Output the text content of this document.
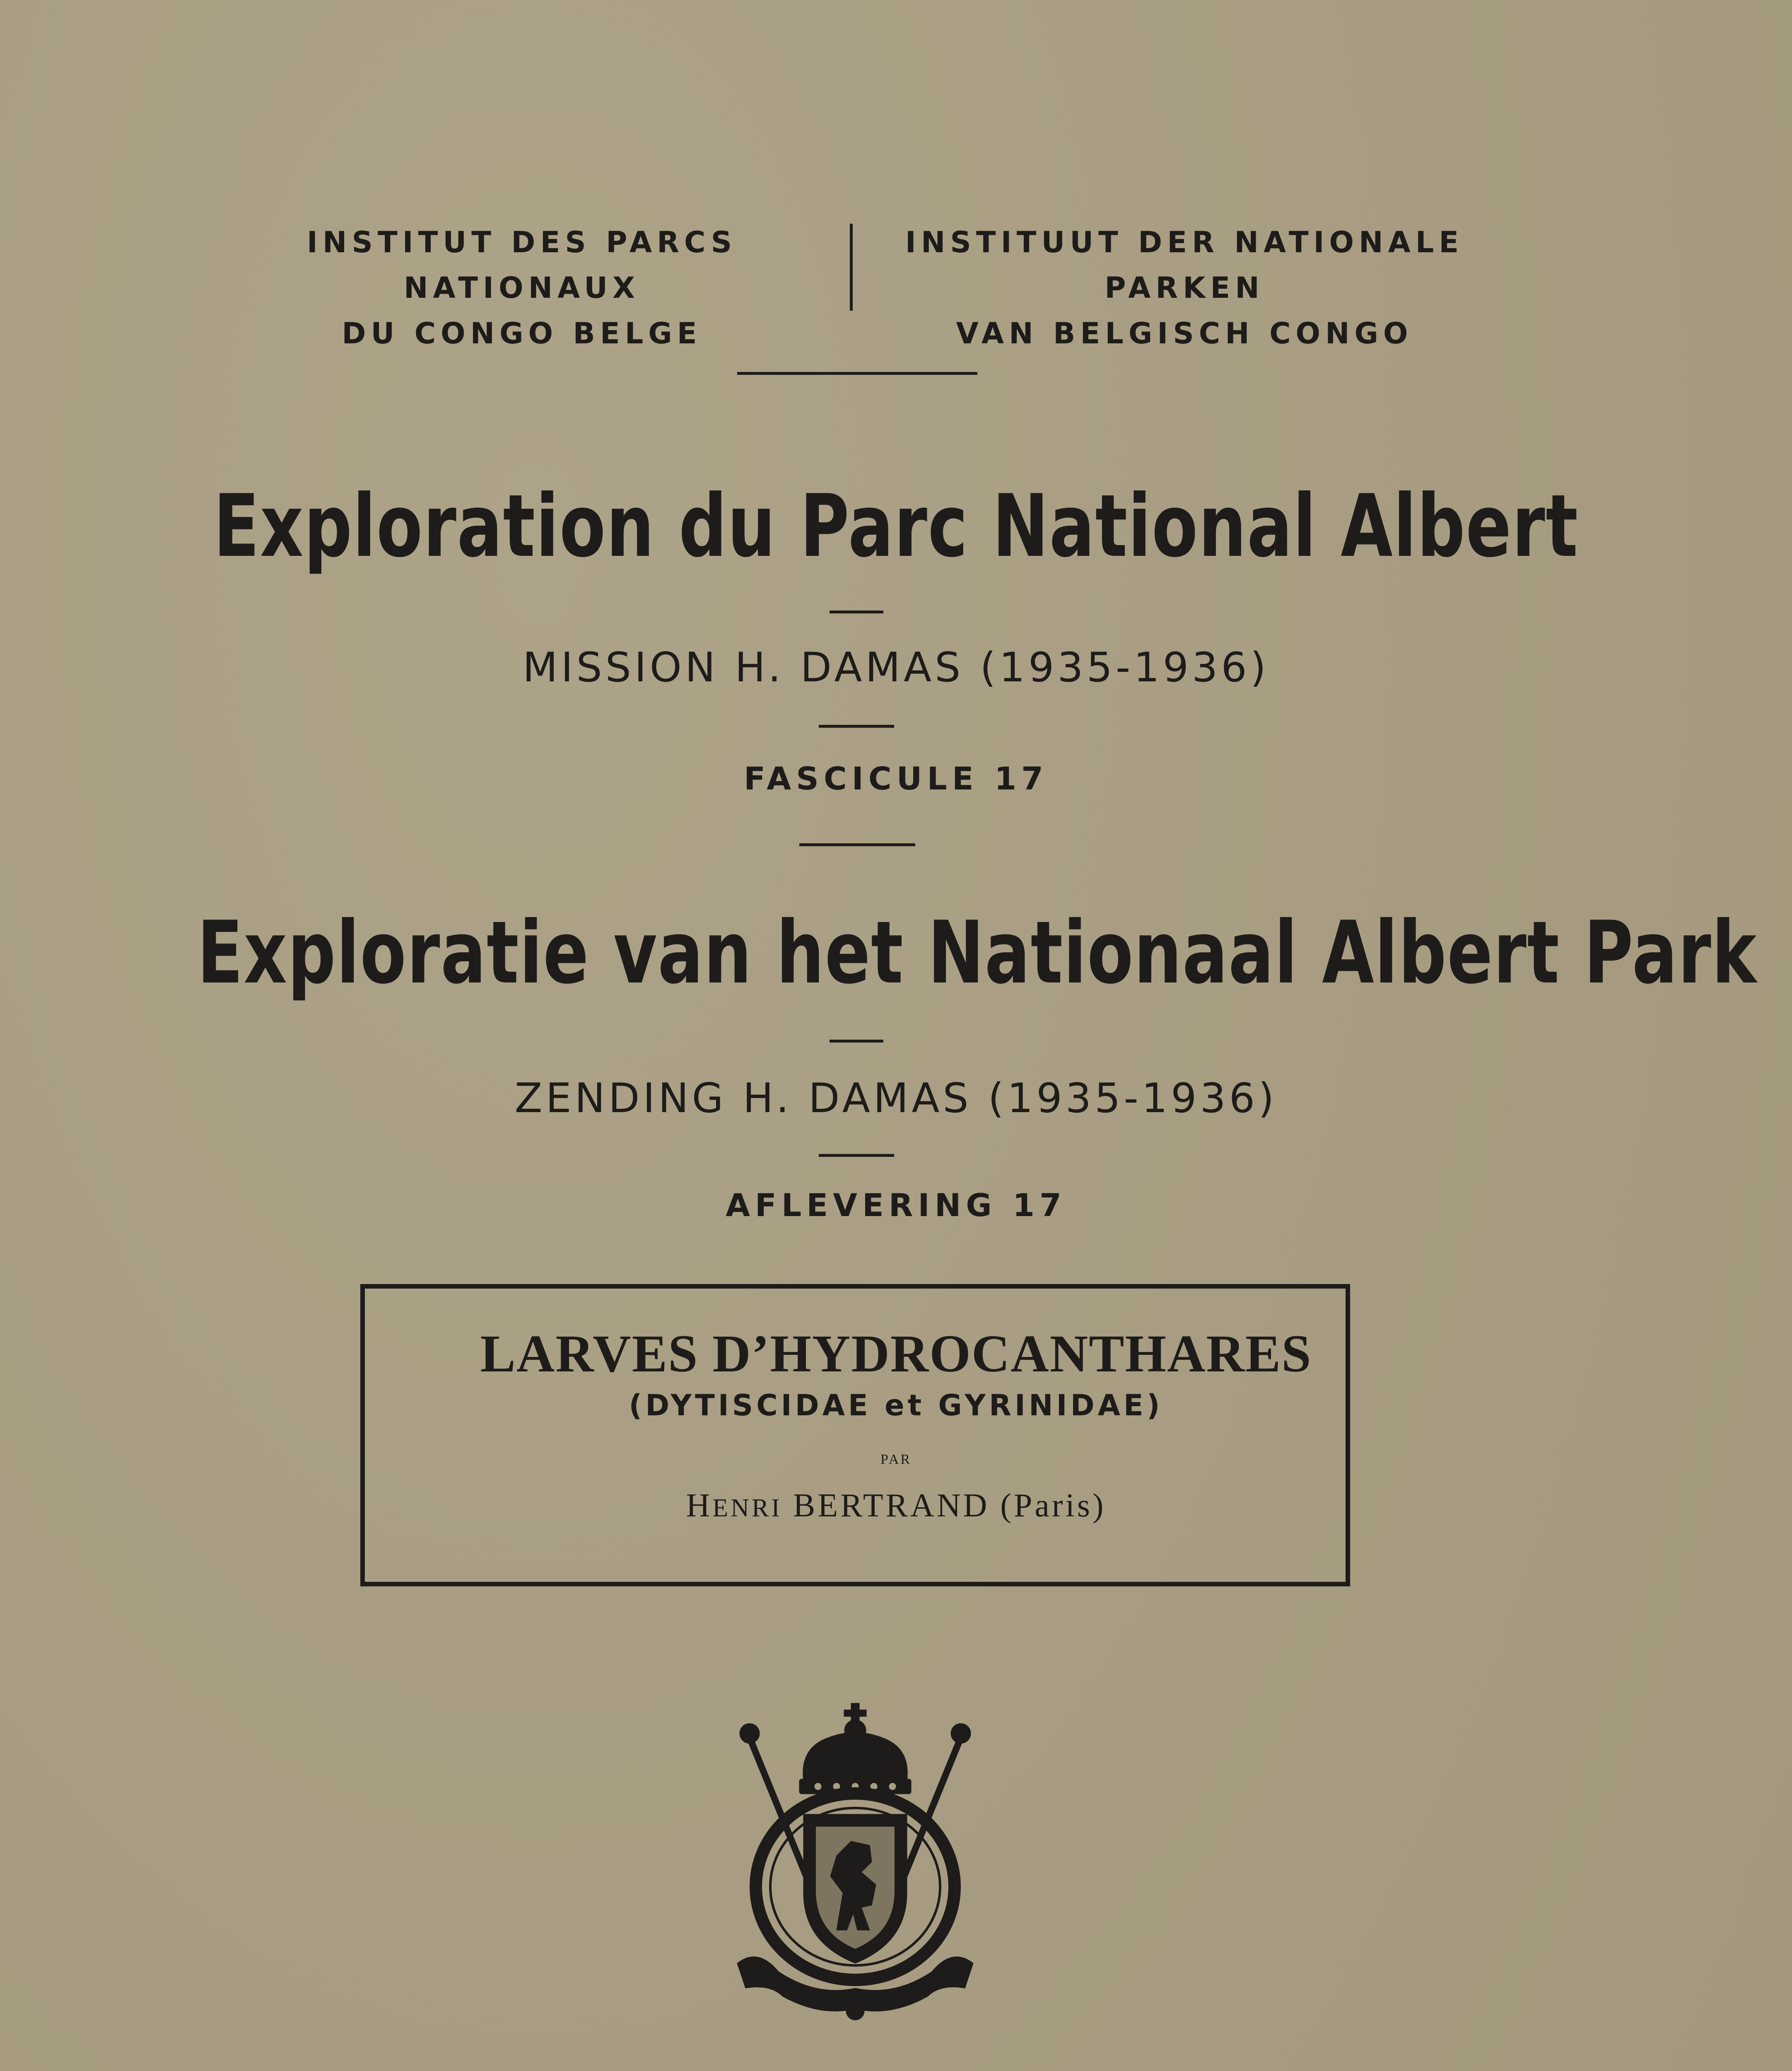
INSTITUT DES PARCS NATIONAUX
DU CONGO BELGE
INSTITUUT DER NATIONALE PARKEN
VAN BELGISCH CONGO
Exploration du Parc National Albert
MISSION H. DAMAS (1935-1936)
FASCICULE 17
Exploratie van het Nationaal Albert Park
ZENDING H. DAMAS (1935-1936)
AFLEVERING 17
LARVES D’HYDROCANTHARES
(DYTISCIDAE et GYRINIDAE)
PAR
HENRI BERTRAND (Paris)
